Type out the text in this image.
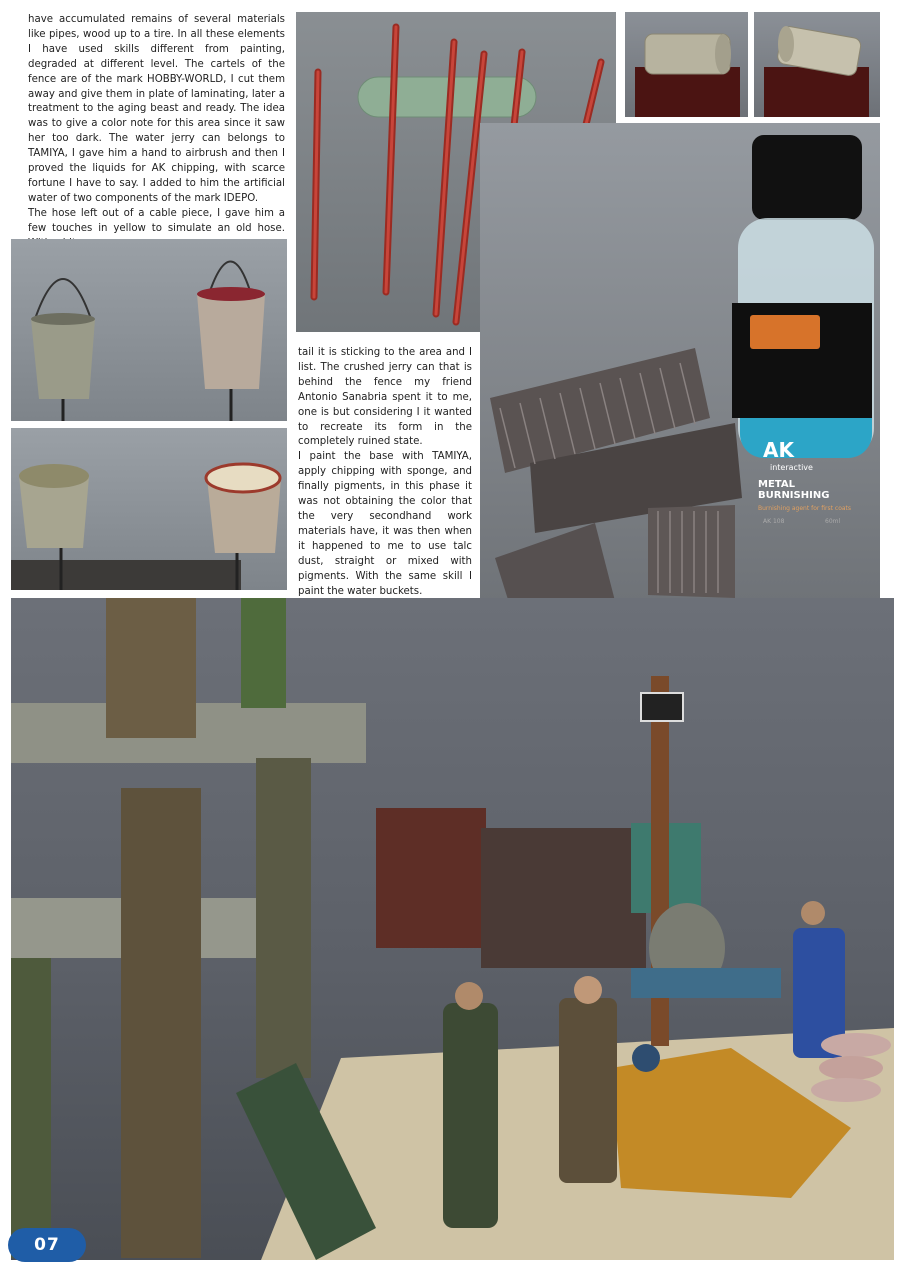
have accumulated remains of several materials like pipes, wood up to a tire. In all these elements I have used skills different from painting, degraded at different level. The cartels of the fence are of the mark HOBBY-WORLD, I cut them away and give them in plate of laminating, later a treatment to the aging beast and ready. The idea was to give a color note for this area since it saw her too dark. The water jerry can belongs to TAMIYA, I gave him a hand to airbrush and then I proved the liquids for AK chipping, with scarce fortune I have to say. I added to him the artificial water of two components of the mark IDEPO.

The hose left out of a cable piece, I gave him a few touches in yellow to simulate an old hose.

tail it is sticking to the area and I list. The crushed jerry can that is behind the fence my friend Antonio Sanabria spent it to me, one is but considering I it wanted to recreate its form in the completely ruined state.

I paint the base with TAMIYA, apply chipping with sponge, and finally pigments, in this phase it was not obtaining the color that the very secondhand work materials have, it was then when it happened to me to use talc dust, straight or mixed with pigments. With the same skill I paint the water buckets.

AK
interactive
METAL BURNISHING
Burnishing agent for first coats
AK 108	60ml
07
